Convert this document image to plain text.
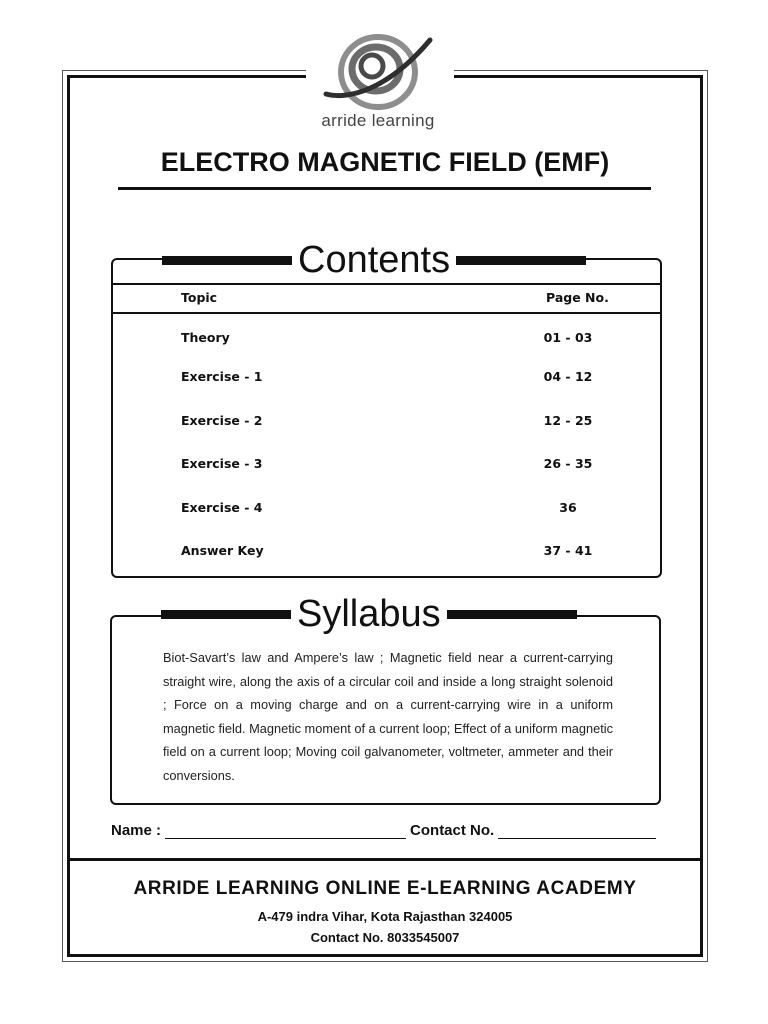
arride learning
ELECTRO MAGNETIC FIELD (EMF)
Contents
Topic	Page No.
Theory	01 - 03
Exercise - 1	04 - 12
Exercise - 2	12 - 25
Exercise - 3	26 - 35
Exercise - 4	36
Answer Key	37 - 41
Syllabus
Biot-Savart’s law and Ampere’s law ; Magnetic field near a current-carrying straight wire, along the axis of a circular coil and inside a long straight solenoid ; Force on a moving charge and on a current-carrying wire in a uniform magnetic field. Magnetic moment of a current loop; Effect of a uniform magnetic field on a current loop; Moving coil galvanometer, voltmeter, ammeter and their conversions.
Name :	Contact No.
ARRIDE LEARNING ONLINE E-LEARNING ACADEMY
A-479 indra Vihar, Kota Rajasthan 324005
Contact No. 8033545007
